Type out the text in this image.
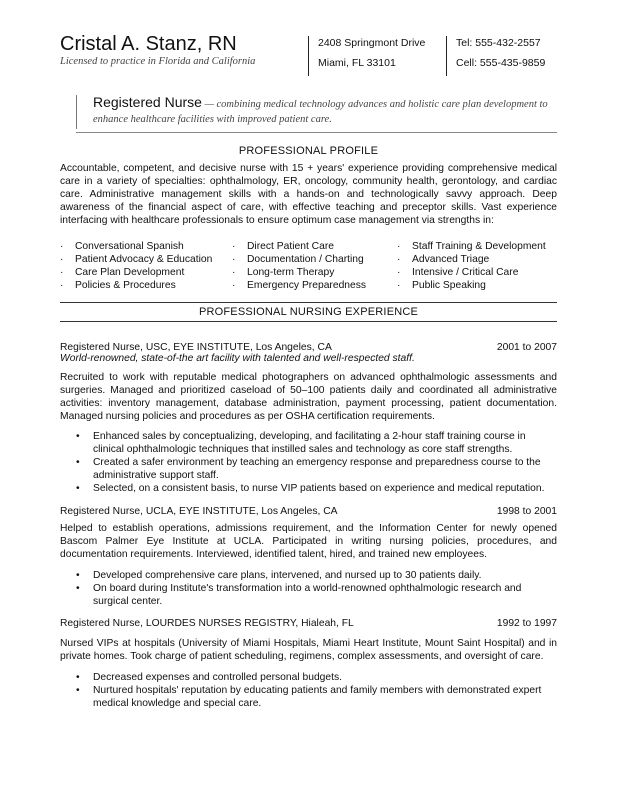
Cristal A. Stanz, RN
Licensed to practice in Florida and California
2408 Springmont Drive
Miami, FL 33101
Tel: 555-432-2557
Cell: 555-435-9859
Registered Nurse — combining medical technology advances and holistic care plan development to enhance healthcare facilities with improved patient care.
PROFESSIONAL PROFILE
Accountable, competent, and decisive nurse with 15 + years' experience providing comprehensive medical care in a variety of specialties: ophthalmology, ER, oncology, community health, gerontology, and cardiac care. Administrative management skills with a hands-on and technologically savvy approach. Deep awareness of the financial aspect of care, with effective teaching and preceptor skills. Vast experience interfacing with healthcare professionals to ensure optimum case management via strengths in:
· Conversational Spanish
· Patient Advocacy & Education
· Care Plan Development
· Policies & Procedures
· Direct Patient Care
· Documentation / Charting
· Long-term Therapy
· Emergency Preparedness
· Staff Training & Development
· Advanced Triage
· Intensive / Critical Care
· Public Speaking
PROFESSIONAL NURSING EXPERIENCE
Registered Nurse, USC, EYE INSTITUTE, Los Angeles, CA	2001 to 2007
World-renowned, state-of-the art facility with talented and well-respected staff.
Recruited to work with reputable medical photographers on advanced ophthalmologic assessments and surgeries. Managed and prioritized caseload of 50–100 patients daily and coordinated all administrative activities: inventory management, database administration, payment processing, patient documentation. Managed nursing policies and procedures as per OSHA certification requirements.
• Enhanced sales by conceptualizing, developing, and facilitating a 2-hour staff training course in clinical ophthalmologic techniques that instilled sales and technology as core staff strengths.
• Created a safer environment by teaching an emergency response and preparedness course to the administrative support staff.
• Selected, on a consistent basis, to nurse VIP patients based on experience and medical reputation.
Registered Nurse, UCLA, EYE INSTITUTE, Los Angeles, CA	1998 to 2001
Helped to establish operations, admissions requirement, and the Information Center for newly opened Bascom Palmer Eye Institute at UCLA. Participated in writing nursing policies, procedures, and documentation requirements. Interviewed, identified talent, hired, and trained new employees.
• Developed comprehensive care plans, intervened, and nursed up to 30 patients daily.
• On board during Institute's transformation into a world-renowned ophthalmologic research and surgical center.
Registered Nurse, LOURDES NURSES REGISTRY, Hialeah, FL	1992 to 1997
Nursed VIPs at hospitals (University of Miami Hospitals, Miami Heart Institute, Mount Saint Hospital) and in private homes. Took charge of patient scheduling, regimens, complex assessments, and oversight of care.
• Decreased expenses and controlled personal budgets.
• Nurtured hospitals' reputation by educating patients and family members with demonstrated expert medical knowledge and special care.
